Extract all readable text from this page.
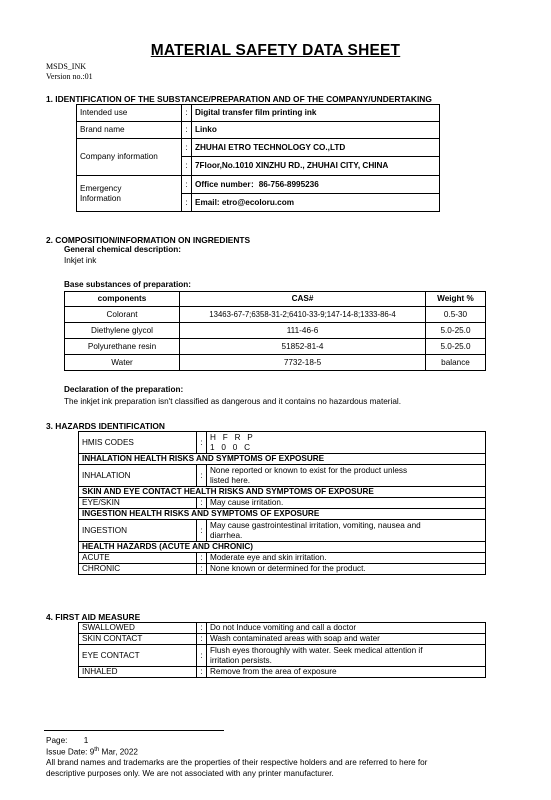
MATERIAL SAFETY DATA SHEET
MSDS_INK
Version no.:01
1. IDENTIFICATION OF THE SUBSTANCE/PREPARATION AND OF THE COMPANY/UNDERTAKING
Intended use	:	Digital transfer film printing ink
Brand name	:	Linko
Company information	:	ZHUHAI ETRO TECHNOLOGY CO.,LTD
	:	7Floor,No.1010 XINZHU RD., ZHUHAI CITY, CHINA

Emergency
Information	:	Office number：86-756-8995236
	:	Email: etro@ecoloru.com
2. COMPOSITION/INFORMATION ON INGREDIENTS
General chemical description:
Inkjet ink
Base substances of preparation:
components	CAS#	Weight %
Colorant	13463-67-7;6358-31-2;6410-33-9;147-14-8;1333-86-4	0.5-30
Diethylene glycol	111-46-6	5.0-25.0
Polyurethane resin	51852-81-4	5.0-25.0
Water	7732-18-5	balance
Declaration of the preparation:
The inkjet ink preparation isn't classified as dangerous and it contains no hazardous material.
3. HAZARDS IDENTIFICATION
HMIS CODES	:	H   F   R   P
1   0   0   C

INHALATION HEALTH RISKS AND SYMPTOMS OF EXPOSURE		
INHALATION	:	None reported or known to exist for the product unless
listed here.

SKIN AND EYE CONTACT HEALTH RISKS AND SYMPTOMS OF EXPOSURE		
EYE/SKIN	:	May cause irritation.
INGESTION HEALTH RISKS AND SYMPTOMS OF EXPOSURE		
INGESTION	:	May cause gastrointestinal irritation, vomiting, nausea and
diarrhea.

HEALTH HAZARDS (ACUTE AND CHRONIC)		
ACUTE	:	Moderate eye and skin irritation.
CHRONIC	:	None known or determined for the product.
4. FIRST AID MEASURE
SWALLOWED	:	Do not Induce vomiting and call a doctor
SKIN CONTACT	:	Wash contaminated areas with soap and water
EYE CONTACT	:	Flush eyes thoroughly with water. Seek medical attention if
irritation persists.

INHALED	:	Remove from the area of exposure
Page: 1
Issue Date: 9th Mar, 2022
All brand names and trademarks are the properties of their respective holders and are referred to here for
descriptive purposes only. We are not associated with any printer manufacturer.
